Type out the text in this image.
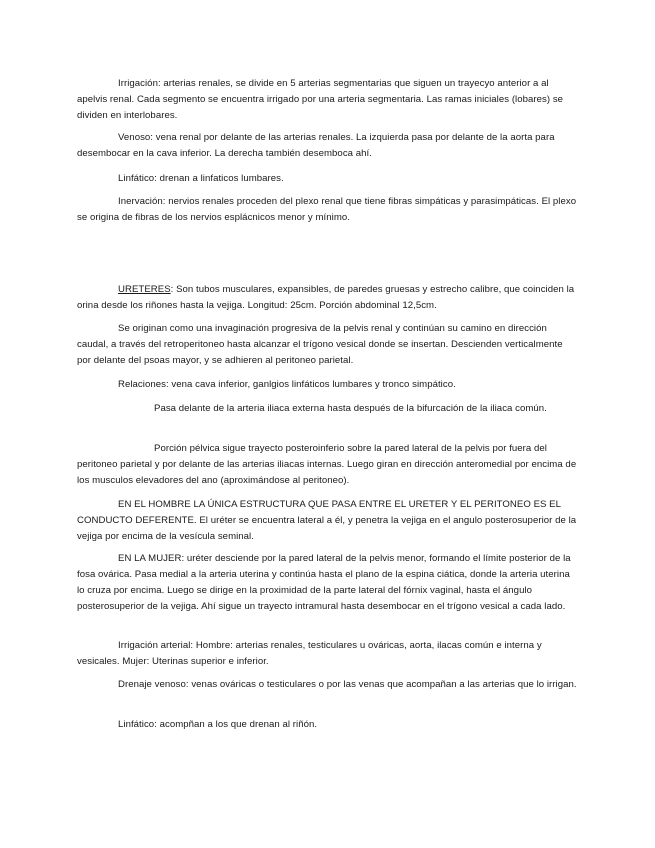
Irrigación: arterias renales, se divide en 5 arterias segmentarias que siguen un trayecyo anterior a al apelvis renal. Cada segmento se encuentra irrigado por una arteria segmentaria. Las ramas iniciales (lobares) se dividen en interlobares.

Venoso: vena renal por delante de las arterias renales. La izquierda pasa por delante de la aorta para desembocar en la cava inferior. La derecha también desemboca ahí.

Linfático: drenan a linfaticos lumbares.

Inervación: nervios renales proceden del plexo renal que tiene fibras simpáticas y parasimpáticas. El plexo se origina de fibras de los nervios esplácnicos menor y mínimo.

URETERES: Son tubos musculares, expansibles, de paredes gruesas y estrecho calibre, que coinciden la orina desde los riñones hasta la vejiga. Longitud: 25cm. Porción abdominal 12,5cm.

Se originan como una invaginación progresiva de la pelvis renal y continúan su camino en dirección caudal, a través del retroperitoneo hasta alcanzar el trígono vesical donde se insertan. Descienden verticalmente por delante del psoas mayor, y se adhieren al peritoneo parietal.

Relaciones: vena cava inferior, ganlgios linfáticos lumbares y tronco simpático.

Pasa delante de la arteria iliaca externa hasta después de la bifurcación de la iliaca común.

Porción pélvica sigue trayecto posteroinferio sobre la pared lateral de la pelvis por fuera del peritoneo parietal y por delante de las arterias iliacas internas. Luego giran en dirección anteromedial por encima de los musculos elevadores del ano (aproximándose al peritoneo).

EN EL HOMBRE LA ÚNICA ESTRUCTURA QUE PASA ENTRE EL URETER Y EL PERITONEO ES EL CONDUCTO DEFERENTE. El uréter se encuentra lateral a él, y penetra la vejiga en el angulo posterosuperior de la vejiga por encima de la vesícula seminal.

EN LA MUJER: uréter desciende por la pared lateral de la pelvis menor, formando el límite posterior de la fosa ovárica. Pasa medial a la arteria uterina y continúa hasta el plano de la espina ciática, donde la arteria uterina lo cruza por encima. Luego se dirige en la proximidad de la parte lateral del fórnix vaginal, hasta el ángulo posterosuperior de la vejiga. Ahí sigue un trayecto intramural hasta desembocar en el trígono vesical a cada lado.

Irrigación arterial: Hombre: arterias renales, testiculares u ováricas, aorta, ilacas común e interna y vesicales. Mujer: Uterinas superior e inferior.

Drenaje venoso: venas ováricas o testiculares o por las venas que acompañan a las arterias que lo irrigan.

Linfático: acompñan a los que drenan al riñón.
